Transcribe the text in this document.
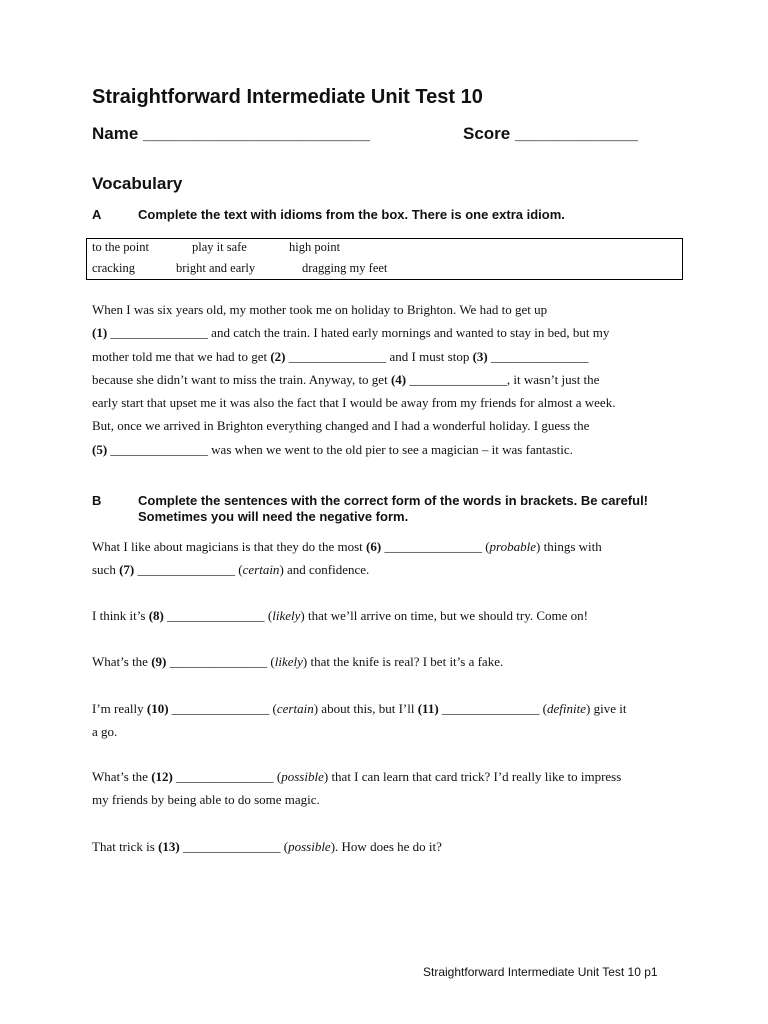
Straightforward Intermediate Unit Test 10
Name ________________________	Score _____________
Vocabulary
A	Complete the text with idioms from the box. There is one extra idiom.
to the point	play it safe	high point
cracking	bright and early	dragging my feet

When I was six years old, my mother took me on holiday to Brighton. We had to get up

(1) _______________ and catch the train. I hated early mornings and wanted to stay in bed, but my

mother told me that we had to get (2) _______________ and I must stop (3) _______________

because she didn’t want to miss the train. Anyway, to get (4) _______________, it wasn’t just the

early start that upset me it was also the fact that I would be away from my friends for almost a week.

But, once we arrived in Brighton everything changed and I had a wonderful holiday. I guess the

(5) _______________ was when we went to the old pier to see a magician – it was fantastic.

B	Complete the sentences with the correct form of the words in brackets. Be careful! Sometimes you will need the negative form.

What I like about magicians is that they do the most (6) _______________ (probable) things with

such (7) _______________ (certain) and confidence.

I think it’s (8) _______________ (likely) that we’ll arrive on time, but we should try. Come on!

What’s the (9) _______________ (likely) that the knife is real? I bet it’s a fake.

I’m really (10) _______________ (certain) about this, but I’ll (11) _______________ (definite) give it

a go.

What’s the (12) _______________ (possible) that I can learn that card trick? I’d really like to impress

my friends by being able to do some magic.

That trick is (13) _______________ (possible). How does he do it?

Straightforward Intermediate Unit Test 10 p1
